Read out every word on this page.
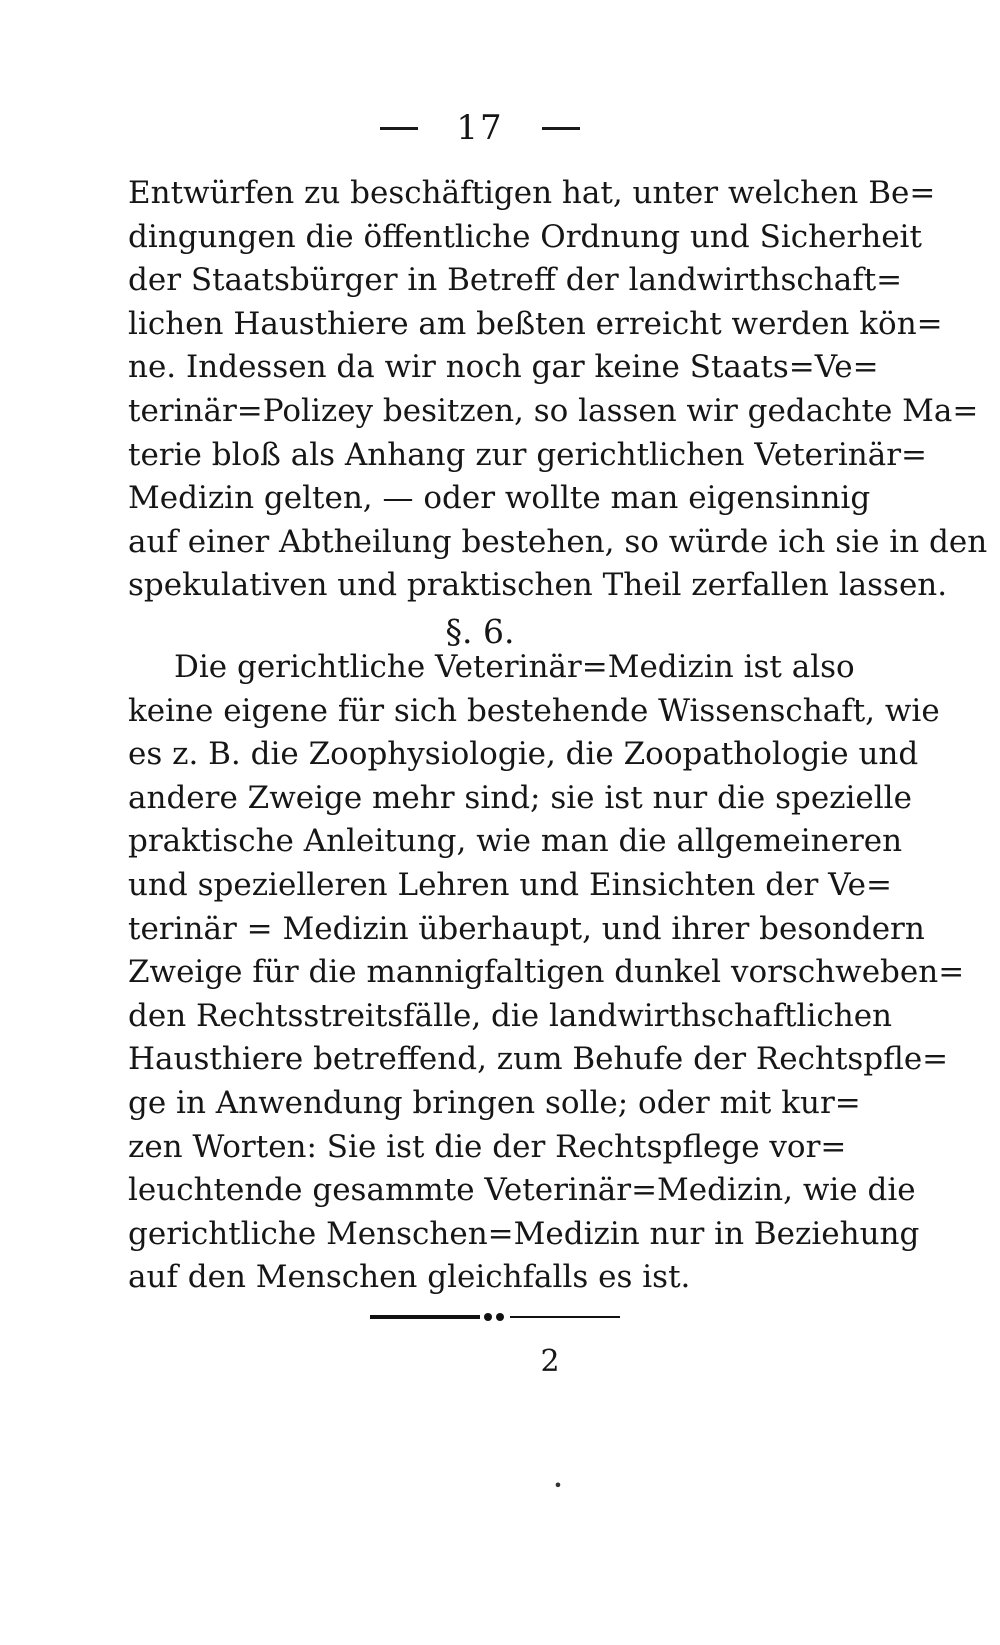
17
Entwürfen zu beschäftigen hat, unter welchen Be=
dingungen die öffentliche Ordnung und Sicherheit
der Staatsbürger in Betreff der landwirthschaft=
lichen Hausthiere am beßten erreicht werden kön=
ne. Indessen da wir noch gar keine Staats=Ve=
terinär=Polizey besitzen, so lassen wir gedachte Ma=
terie bloß als Anhang zur gerichtlichen Veterinär=
Medizin gelten, — oder wollte man eigensinnig
auf einer Abtheilung bestehen, so würde ich sie in den
spekulativen und praktischen Theil zerfallen lassen.
§. 6.
Die gerichtliche Veterinär=Medizin ist also
keine eigene für sich bestehende Wissenschaft, wie
es z. B. die Zoophysiologie, die Zoopathologie und
andere Zweige mehr sind; sie ist nur die spezielle
praktische Anleitung, wie man die allgemeineren
und spezielleren Lehren und Einsichten der Ve=
terinär = Medizin überhaupt, und ihrer besondern
Zweige für die mannigfaltigen dunkel vorschweben=
den Rechtsstreitsfälle, die landwirthschaftlichen
Hausthiere betreffend, zum Behufe der Rechtspfle=
ge in Anwendung bringen solle; oder mit kur=
zen Worten: Sie ist die der Rechtspflege vor=
leuchtende gesammte Veterinär=Medizin, wie die
gerichtliche Menschen=Medizin nur in Beziehung
auf den Menschen gleichfalls es ist.
2
•
